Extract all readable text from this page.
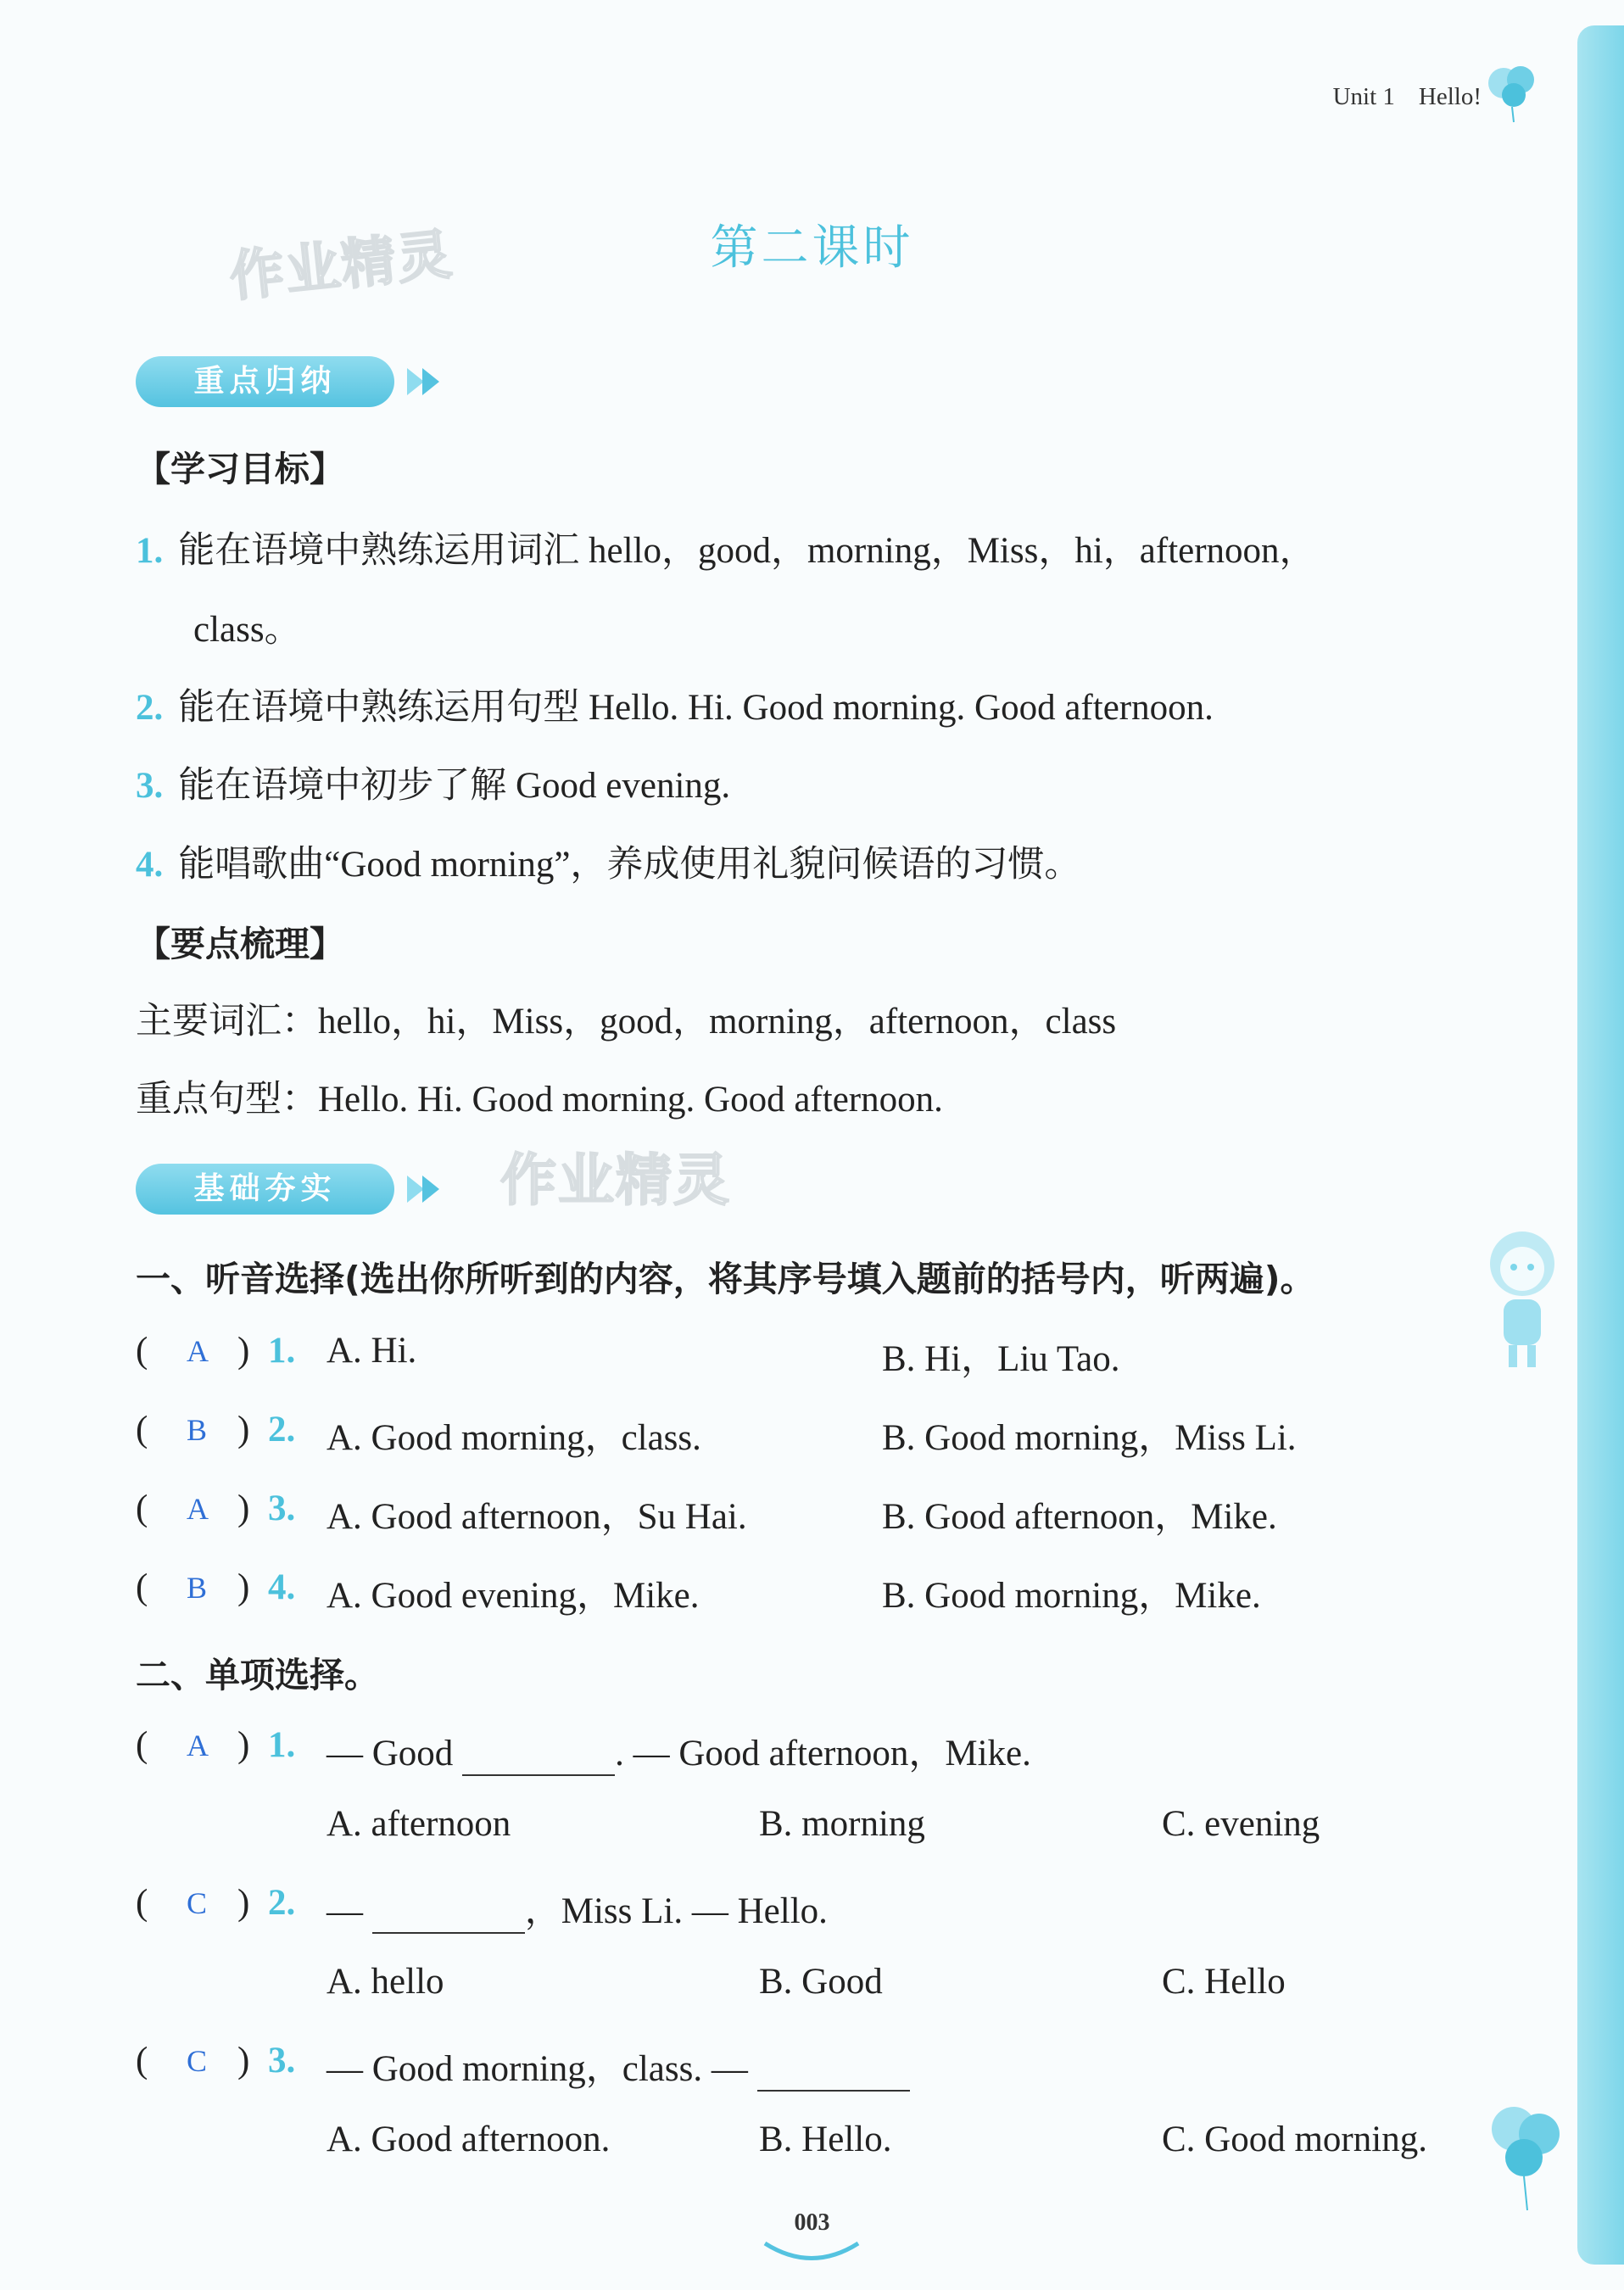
Unit 1 Hello!
作业精灵	第二课时
重点归纳
【学习目标】
1. 能在语境中熟练运用词汇 hello，good，morning，Miss，hi，afternoon，
class。
2. 能在语境中熟练运用句型 Hello. Hi. Good morning. Good afternoon.
3. 能在语境中初步了解 Good evening.
4. 能唱歌曲“Good morning”，养成使用礼貌问候语的习惯。
【要点梳理】
主要词汇：hello，hi，Miss，good，morning，afternoon，class
重点句型：Hello. Hi. Good morning. Good afternoon.
基础夯实	作业精灵
一、听音选择(选出你所听到的内容，将其序号填入题前的括号内，听两遍)。
( A ) 1. A. Hi.	B. Hi，Liu Tao.
( B ) 2. A. Good morning，class.	B. Good morning，Miss Li.
( A ) 3. A. Good afternoon，Su Hai.	B. Good afternoon，Mike.
( B ) 4. A. Good evening，Mike.	B. Good morning，Mike.
二、单项选择。
( A ) 1. — Good	. — Good afternoon，Mike.
A. afternoon	B. morning	C. evening
( C ) 2. —	，Miss Li. — Hello.
A. hello	B. Good	C. Hello
( C ) 3. — Good morning，class. —
A. Good afternoon.	B. Hello.	C. Good morning.
003
